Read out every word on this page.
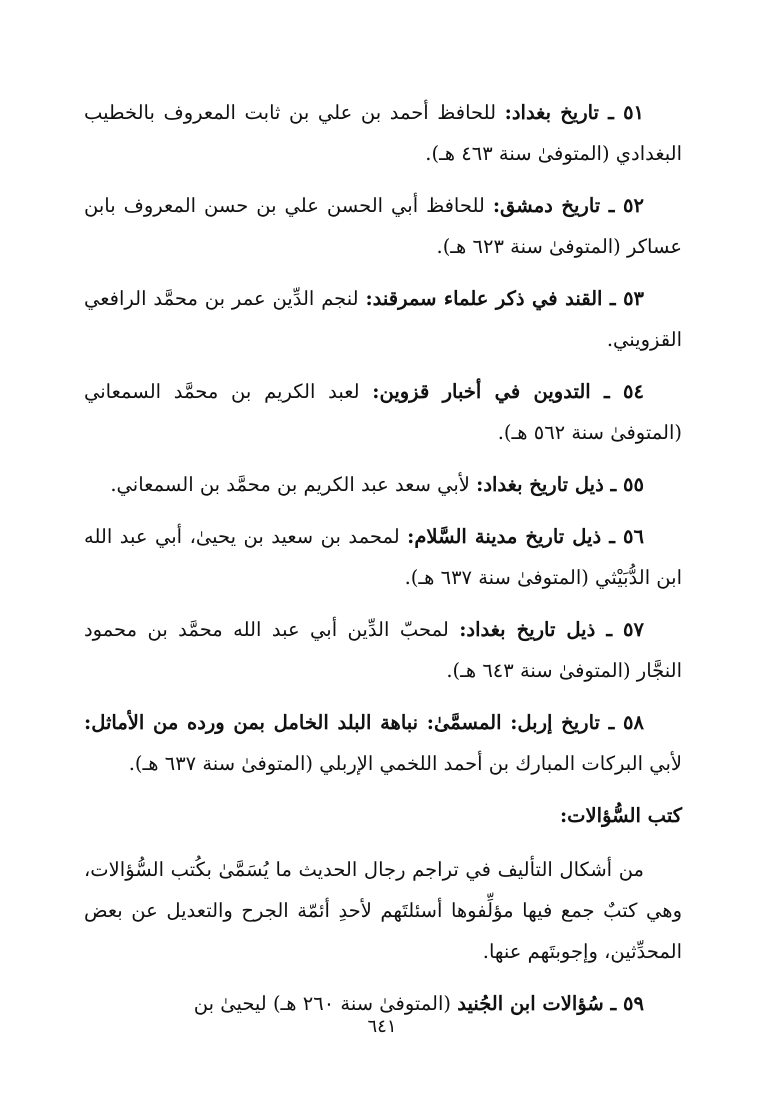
٥١ ـ تاريخ بغداد: للحافظ أحمد بن علي بن ثابت المعروف بالخطيب البغدادي (المتوفىٰ سنة ٤٦٣ هـ).

٥٢ ـ تاريخ دمشق: للحافظ أبي الحسن علي بن حسن المعروف بابن عساكر (المتوفىٰ سنة ٦٢٣ هـ).

٥٣ ـ القند في ذكر علماء سمرقند: لنجم الدِّين عمر بن محمَّد الرافعي القزويني.

٥٤ ـ التدوين في أخبار قزوين: لعبد الكريم بن محمَّد السمعاني (المتوفىٰ سنة ٥٦٢ هـ).

٥٥ ـ ذيل تاريخ بغداد: لأبي سعد عبد الكريم بن محمَّد بن السمعاني.

٥٦ ـ ذيل تاريخ مدينة السَّلام: لمحمد بن سعيد بن يحيىٰ، أبي عبد الله ابن الدُّبَيْثي (المتوفىٰ سنة ٦٣٧ هـ).

٥٧ ـ ذيل تاريخ بغداد: لمحبّ الدِّين أبي عبد الله محمَّد بن محمود النجَّار (المتوفىٰ سنة ٦٤٣ هـ).

٥٨ ـ تاريخ إربل: المسمَّىٰ: نباهة البلد الخامل بمن ورده من الأماثل: لأبي البركات المبارك بن أحمد اللخمي الإربلي (المتوفىٰ سنة ٦٣٧ هـ).

كتب السُّؤالات:

من أشكال التأليف في تراجم رجال الحديث ما يُسَمَّىٰ بكُتب السُّؤالات، وهي كتبٌ جمع فيها مؤلِّفوها أسئلتَهم لأحدِ أئمّة الجرح والتعديل عن بعض المحدِّثين، وإجوبتَهم عنها.

٥٩ ـ سُؤالات ابن الجُنيد (المتوفىٰ سنة ٢٦٠ هـ) ليحيىٰ بن

٦٤١
